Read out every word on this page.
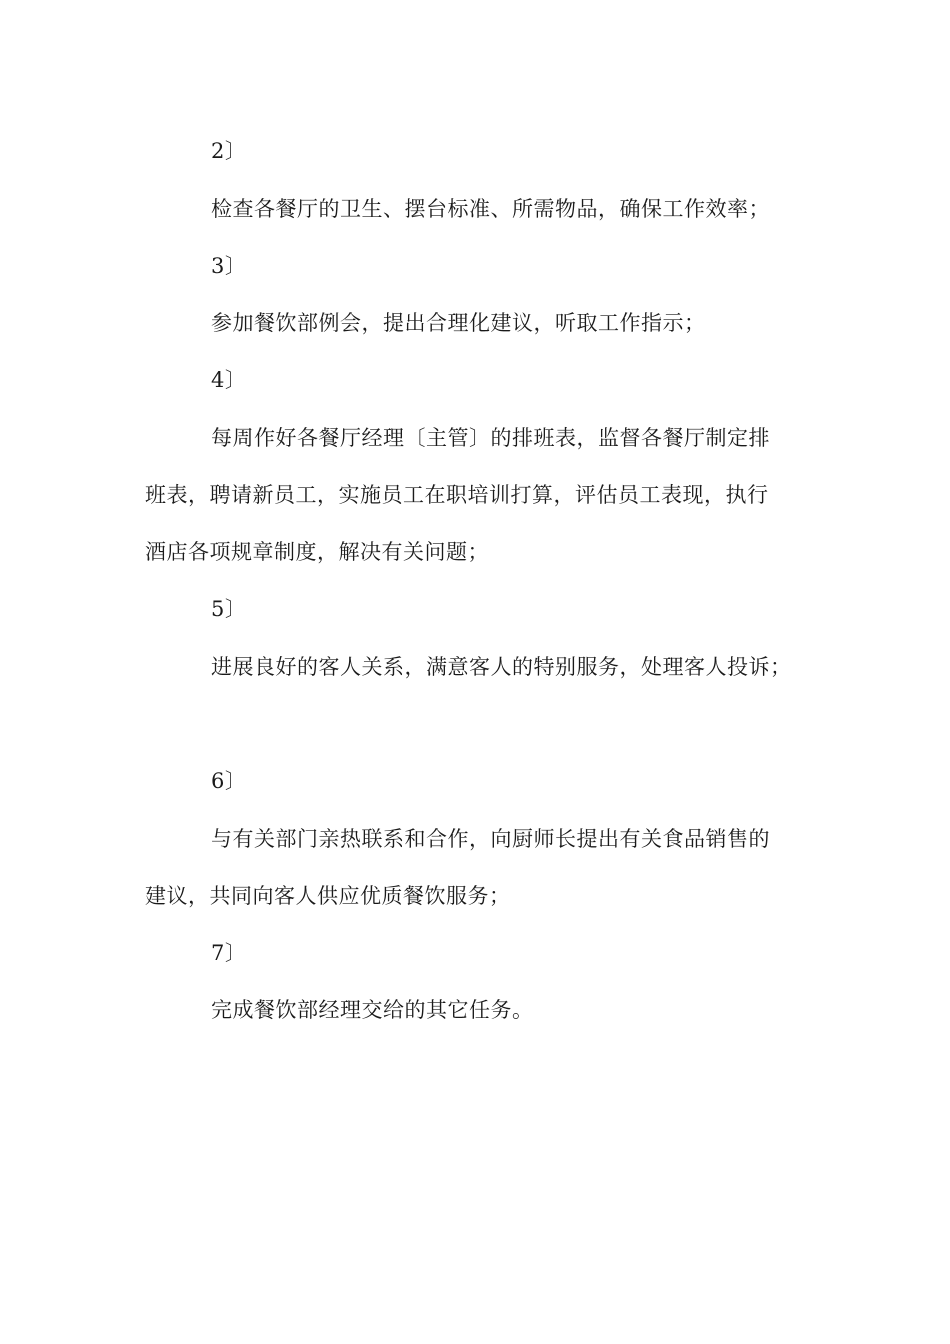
2〕
检查各餐厅的卫生、摆台标准、所需物品，确保工作效率；
3〕
参加餐饮部例会，提出合理化建议，听取工作指示；
4〕
每周作好各餐厅经理〔主管〕的排班表，监督各餐厅制定排
班表，聘请新员工，实施员工在职培训打算，评估员工表现，执行
酒店各项规章制度，解决有关问题；
5〕
进展良好的客人关系，满意客人的特别服务，处理客人投诉；
6〕
与有关部门亲热联系和合作，向厨师长提出有关食品销售的
建议，共同向客人供应优质餐饮服务；
7〕
完成餐饮部经理交给的其它任务。
